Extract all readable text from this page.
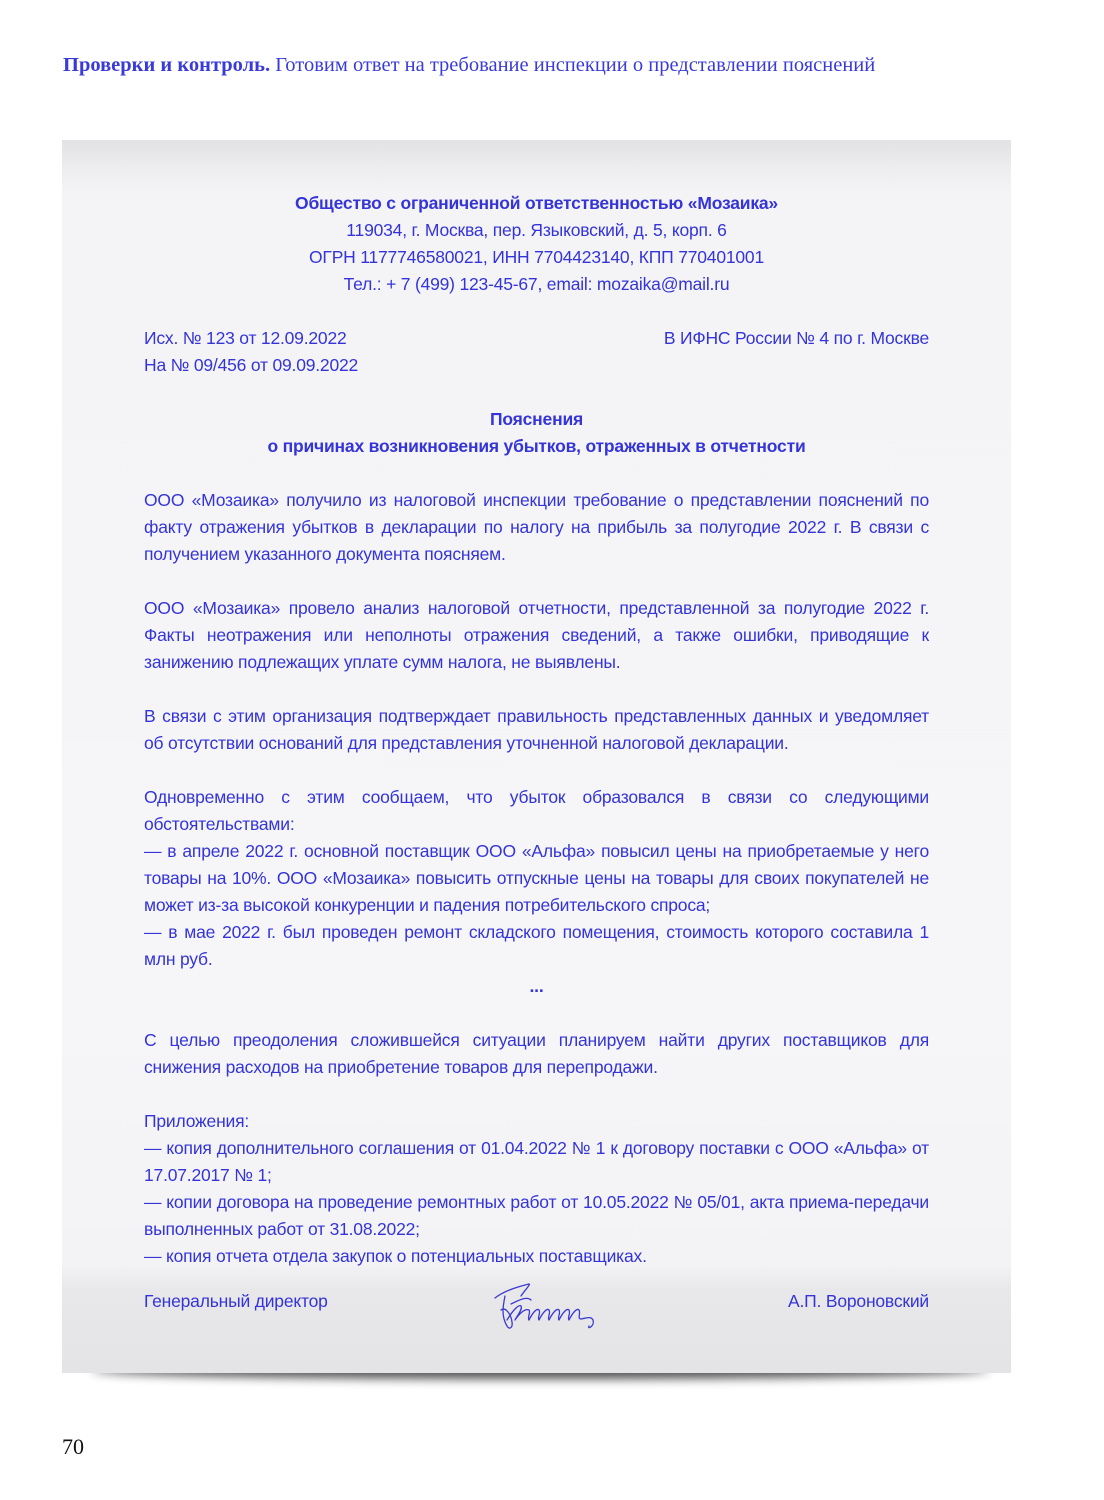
Проверки и контроль. Готовим ответ на требование инспекции о представлении пояснений
Общество с ограниченной ответственностью «Мозаика»
119034, г. Москва, пер. Языковский, д. 5, корп. 6
ОГРН 1177746580021, ИНН 7704423140, КПП 770401001
Тел.: + 7 (499) 123-45-67, email: mozaika@mail.ru
Исх. № 123 от 12.09.2022
На № 09/456 от 09.09.2022
В ИФНС России № 4 по г. Москве
Пояснения
о причинах возникновения убытков, отраженных в отчетности
ООО «Мозаика» получило из налоговой инспекции требование о представлении пояснений по факту отражения убытков в декларации по налогу на прибыль за полугодие 2022 г. В связи с получением указанного документа поясняем.
ООО «Мозаика» провело анализ налоговой отчетности, представленной за полугодие 2022 г. Факты неотражения или неполноты отражения сведений, а также ошибки, приводящие к занижению подлежащих уплате сумм налога, не выявлены.
В связи с этим организация подтверждает правильность представленных данных и уведомляет об отсутствии оснований для представления уточненной налоговой декларации.
Одновременно с этим сообщаем, что убыток образовался в связи со следующими обстоятельствами:
— в апреле 2022 г. основной поставщик ООО «Альфа» повысил цены на приобретаемые у него товары на 10%. ООО «Мозаика» повысить отпускные цены на товары для своих покупателей не может из-за высокой конкуренции и падения потребительского спроса;
— в мае 2022 г. был проведен ремонт складского помещения, стоимость которого составила 1 млн руб.
...
С целью преодоления сложившейся ситуации планируем найти других поставщиков для снижения расходов на приобретение товаров для перепродажи.
Приложения:
— копия дополнительного соглашения от 01.04.2022 № 1 к договору поставки с ООО «Альфа» от 17.07.2017 № 1;
— копии договора на проведение ремонтных работ от 10.05.2022 № 05/01, акта приема-передачи выполненных работ от 31.08.2022;
— копия отчета отдела закупок о потенциальных поставщиках.
Генеральный директор	А.П. Вороновский
70
